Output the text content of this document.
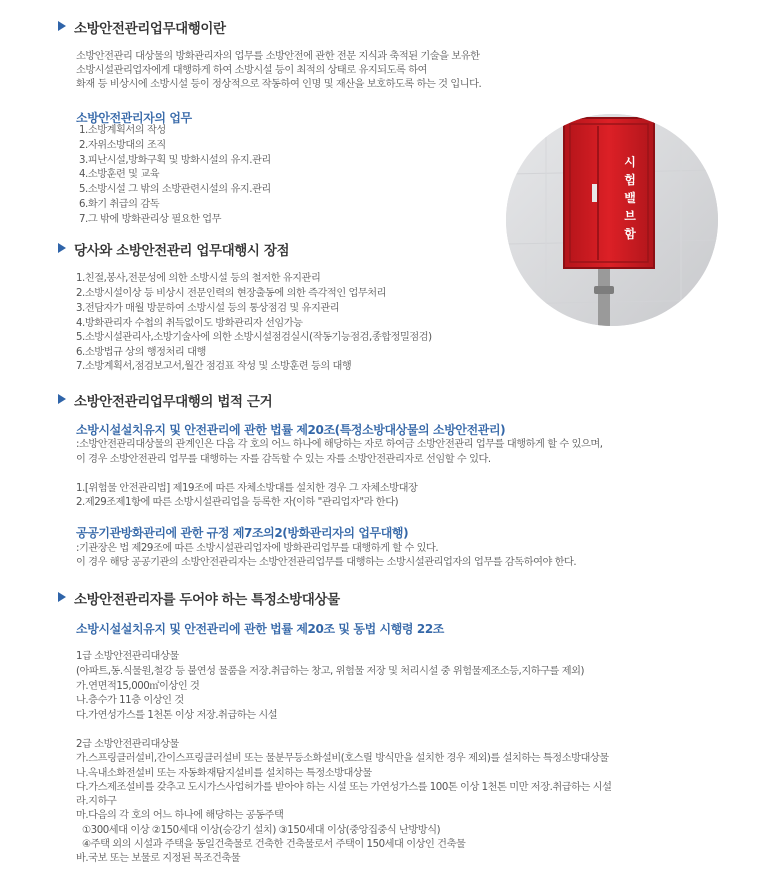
소방안전관리업무대행이란
소방안전관리 대상물의 방화관리자의 업무를 소방안전에 관한 전문 지식과 축적된 기술을 보유한
소방시설관리업자에게 대행하게 하여 소방시설 등이 최적의 상태로 유지되도록 하여
화재 등 비상시에 소방시설 등이 정상적으로 작동하여 인명 및 재산을 보호하도록 하는 것 입니다.
소방안전관리자의 업무
1.소방계획서의 작성
2.자위소방대의 조직
3.피난시설,방화구획 및 방화시설의 유지.관리
4.소방훈련 및 교육
5.소방시설 그 밖의 소방관련시설의 유지.관리
6.화기 취급의 감독
7.그 밖에 방화관리상 필요한 업무
시
험
밸
브
함
당사와 소방안전관리 업무대행시 장점
1.친절,봉사,전문성에 의한 소방시설 등의 철저한 유지관리
2.소방시설이상 등 비상시 전문인력의 현장출동에 의한 즉각적인 업무처리
3.전담자가 매월 방문하여 소방시설 등의 통상점검 및 유지관리
4.방화관리자 수첩의 취득없이도 방화관리자 선임가능
5.소방시설관리사,소방기술사에 의한 소방시설점검실시(작동기능점검,종합정밀점검)
6.소방법규 상의 행정처리 대행
7.소방계획서,점검보고서,월간 점검표 작성 및 소방훈련 등의 대행
소방안전관리업무대행의 법적 근거
소방시설설치유지 및 안전관리에 관한 법률 제20조(특정소방대상물의 소방안전관리)
:소방안전관리대상물의 관계인은 다음 각 호의 어느 하나에 해당하는 자로 하여금 소방안전관리 업무를 대행하게 할 수 있으며,
이 경우 소방안전관리 업무를 대행하는 자를 감독할 수 있는 자를 소방안전관리자로 선임할 수 있다.
1.[위험물 안전관리법] 제19조에 따른 자체소방대를 설치한 경우 그 자체소방대장
2.제29조제1항에 따른 소방시설관리업을 등록한 자(이하 "관리업자"라 한다)
공공기관방화관리에 관한 규정 제7조의2(방화관리자의 업무대행)
:기관장은 법 제29조에 따른 소방시설관리업자에 방화관리업무를 대행하게 할 수 있다.
이 경우 해당 공공기관의 소방안전관리자는 소방안전관리업무를 대행하는 소방시설관리업자의 업무를 감독하여야 한다.
소방안전관리자를 두어야 하는 특정소방대상물
소방시설설치유지 및 안전관리에 관한 법률 제20조 및 동법 시행령 22조
1급 소방안전관리대상물
(아파트,동.식물원,철강 등 불연성 물품을 저장.취급하는 창고, 위험물 저장 및 처리시설 중 위험물제조소등,지하구를 제외)
가.연면적15,000㎡이상인 것
나.층수가 11층 이상인 것
다.가연성가스를 1천톤 이상 저장.취급하는 시설
2급 소방안전관리대상물
가.스프링클러설비,간이스프링클러설비 또는 물분무등소화설비(호스릴 방식만을 설치한 경우 제외)를 설치하는 특정소방대상물
나.옥내소화전설비 또는 자동화재탐지설비를 설치하는 특정소방대상물
다.가스제조설비를 갖추고 도시가스사업허가를 받아야 하는 시설 또는 가연성가스를 100톤 이상 1천톤 미만 저장.취급하는 시설
라.지하구
마.다음의 각 호의 어느 하나에 해당하는 공동주택
①300세대 이상 ②150세대 이상(승강기 설치) ③150세대 이상(중앙집중식 난방방식)
④주택 외의 시설과 주택을 동일건축물로 건축한 건축물로서 주택이 150세대 이상인 건축물
바.국보 또는 보물로 지정된 목조건축물
